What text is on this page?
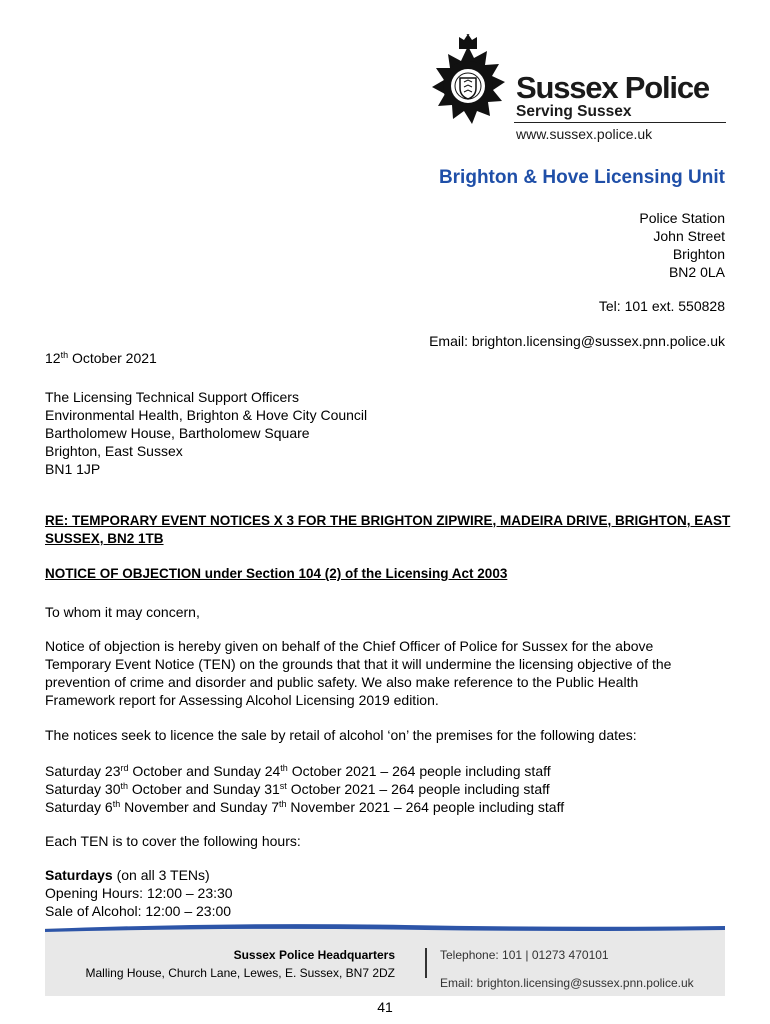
Sussex Police
Serving Sussex
www.sussex.police.uk
Brighton & Hove Licensing Unit
Police Station
John Street
Brighton
BN2 0LA
Tel: 101 ext. 550828
Email: brighton.licensing@sussex.pnn.police.uk
12th October 2021
The Licensing Technical Support Officers
Environmental Health, Brighton & Hove City Council
Bartholomew House, Bartholomew Square
Brighton, East Sussex
BN1 1JP
RE: TEMPORARY EVENT NOTICES X 3 FOR THE BRIGHTON ZIPWIRE, MADEIRA DRIVE, BRIGHTON, EAST SUSSEX, BN2 1TB
NOTICE OF OBJECTION under Section 104 (2) of the Licensing Act 2003
To whom it may concern,
Notice of objection is hereby given on behalf of the Chief Officer of Police for Sussex for the above
Temporary Event Notice (TEN) on the grounds that that it will undermine the licensing objective of the
prevention of crime and disorder and public safety. We also make reference to the Public Health
Framework report for Assessing Alcohol Licensing 2019 edition.
The notices seek to licence the sale by retail of alcohol ‘on’ the premises for the following dates:
Saturday 23rd October and Sunday 24th October 2021 – 264 people including staff
Saturday 30th October and Sunday 31st October 2021 – 264 people including staff
Saturday 6th November and Sunday 7th November 2021 – 264 people including staff
Each TEN is to cover the following hours:
Saturdays (on all 3 TENs)
Opening Hours: 12:00 – 23:30
Sale of Alcohol: 12:00 – 23:00
Sussex Police Headquarters
Malling House, Church Lane, Lewes, E. Sussex, BN7 2DZ
Telephone: 101 | 01273 470101
Email: brighton.licensing@sussex.pnn.police.uk
41
